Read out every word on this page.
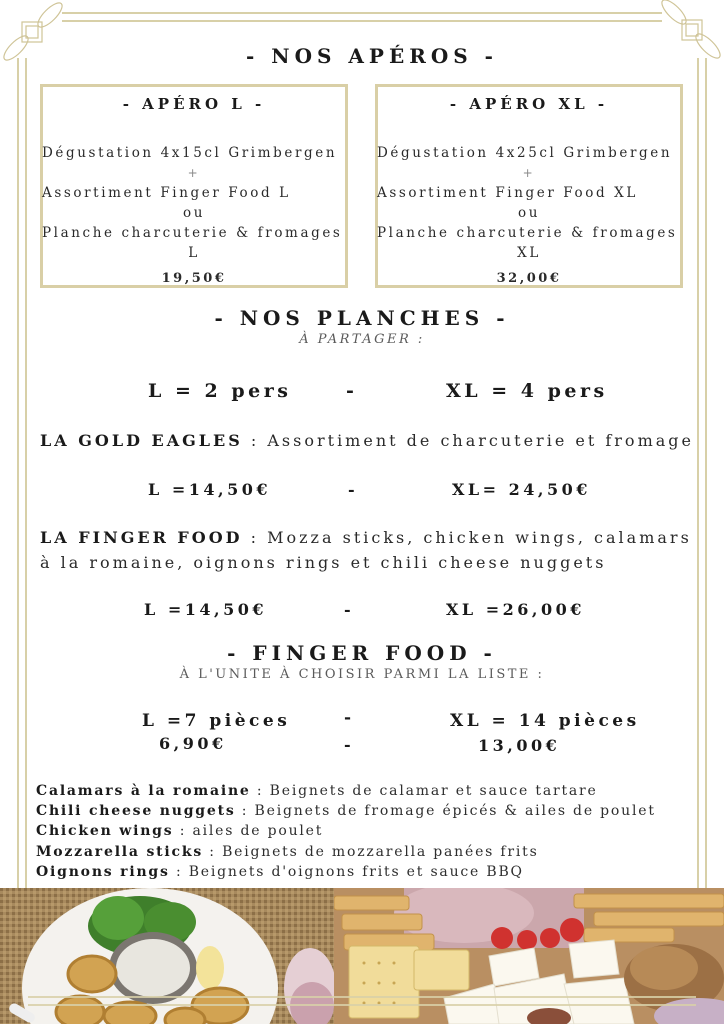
- NOS APÉROS -
- APÉRO L -
Dégustation 4x15cl Grimbergen
+
Assortiment Finger Food L
ou
Planche charcuterie & fromages
L
19,50€
- APÉRO XL -
Dégustation 4x25cl Grimbergen
+
Assortiment Finger Food XL
ou
Planche charcuterie & fromages
XL
32,00€
- NOS PLANCHES -
À PARTAGER :
L = 2 pers	-	XL = 4 pers
LA GOLD EAGLES : Assortiment de charcuterie et fromage
L =14,50€	-	XL= 24,50€
LA FINGER FOOD : Mozza sticks, chicken wings, calamars à la romaine, oignons rings et chili cheese nuggets
L =14,50€	-	XL =26,00€
- FINGER FOOD -
À L'UNITE À CHOISIR PARMI LA LISTE :
L =7 pièces	-	XL = 14 pièces
6,90€	-	13,00€
Calamars à la romaine : Beignets de calamar et sauce tartare
Chili cheese nuggets : Beignets de fromage épicés & ailes de poulet
Chicken wings : ailes de poulet
Mozzarella sticks : Beignets de mozzarella panées frits
Oignons rings : Beignets d'oignons frits et sauce BBQ
